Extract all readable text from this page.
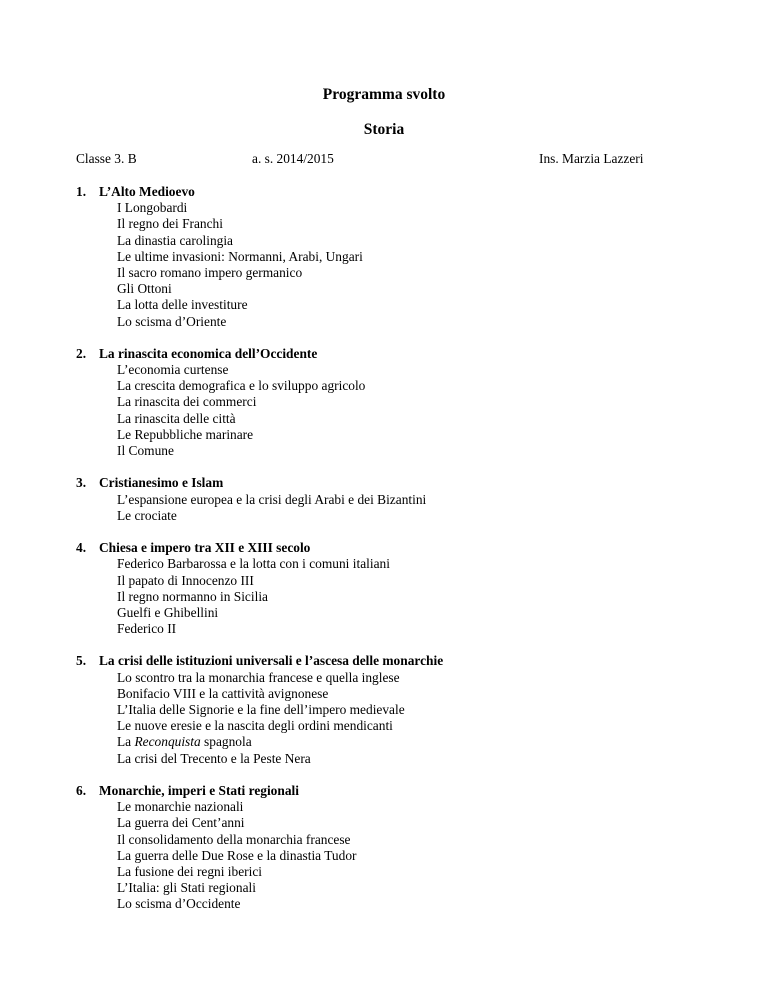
Programma svolto
Storia
Classe 3. B	a. s. 2014/2015	Ins. Marzia Lazzeri
1. L’Alto Medioevo
I Longobardi
Il regno dei Franchi
La dinastia carolingia
Le ultime invasioni: Normanni, Arabi, Ungari
Il sacro romano impero germanico
Gli Ottoni
La lotta delle investiture
Lo scisma d’Oriente
2. La rinascita economica dell’Occidente
L’economia curtense
La crescita demografica e lo sviluppo agricolo
La rinascita dei commerci
La rinascita delle città
Le Repubbliche marinare
Il Comune
3. Cristianesimo e Islam
L’espansione europea e la crisi degli Arabi e dei Bizantini
Le crociate
4. Chiesa e impero tra XII e XIII secolo
Federico Barbarossa e la lotta con i comuni italiani
Il papato di Innocenzo III
Il regno normanno in Sicilia
Guelfi e Ghibellini
Federico II
5. La crisi delle istituzioni universali e l’ascesa delle monarchie
Lo scontro tra la monarchia francese e quella inglese
Bonifacio VIII e la cattività avignonese
L’Italia delle Signorie e la fine dell’impero medievale
Le nuove eresie e la nascita degli ordini mendicanti
La Reconquista spagnola
La crisi del Trecento e la Peste Nera
6. Monarchie, imperi e Stati regionali
Le monarchie nazionali
La guerra dei Cent’anni
Il consolidamento della monarchia francese
La guerra delle Due Rose e la dinastia Tudor
La fusione dei regni iberici
L’Italia: gli Stati regionali
Lo scisma d’Occidente
